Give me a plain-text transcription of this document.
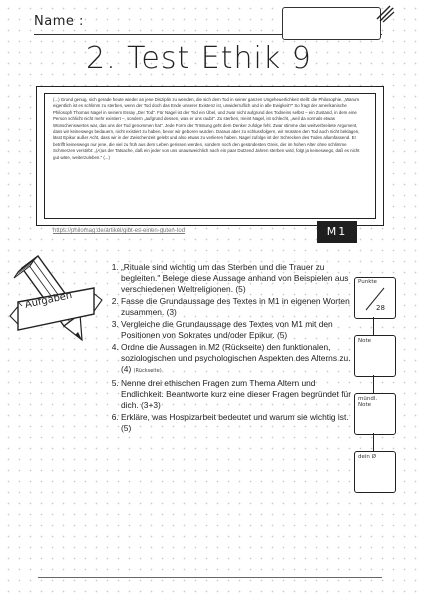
Name :
2. Test Ethik 9
(...) Grund genug, sich gerade heute wieder an jene Disziplin zu wenden, die sich dem Tod in seiner ganzen Ungeheuerlichkeit stellt: die Philosophie. „Warum eigentlich ist es schlimm zu sterben, wenn der Tod doch das Ende unserer Existenz ist, unwiderruflich und in alle Ewigkeit?" So fragt der amerikanische Philosoph Thomas Nagel in seinem Essay „Der Tod". Für Nagel ist der Tod ein Übel, und zwar nicht aufgrund des Todseins selbst – ein Zustand, in dem eine Person schlicht nicht mehr existiert –, sondern „aufgrund dessen, was er uns raubt". Zu sterben, meint Nagel, ist schlecht, „weil da vormals etwas Wünschenswertes war, das uns der Tod genommen hat". Jede Form der Tröstung geht dem Denker zufolge fehl. Zwar stimme das weitverbreitete Argument, dass wir keineswegs bedauern, nicht existiert zu haben, bevor wir geboren wurden. Daraus aber zu schlussfolgern, wir müssten den Tod auch nicht beklagen, lässt Epikur außer Acht, dass wir in der Zwischenzeit gelebt und also etwas zu verlieren haben. Nagel zufolge ist der Schrecken des Todes allumfassend. Er betrifft keineswegs nur jene, die viel zu früh aus dem Leben gerissen werden, sondern noch den gesündesten Greis, der im hohen Alter ohne schlimme Schmerzen verstirbt: „(A)us der Tatsache, daß ein jeder von uns unausweichlich nach ein paar Dutzend Jahren sterben wird, folgt ja keineswegs, daß es nicht gut wäre, weiterzuleben." (...)
https://philomag.de/artikel/gibt-es-einen-guten-tod	M1
Aufgaben
1. „Rituale sind wichtig um das Sterben und die Trauer zu begleiten." Belege diese Aussage anhand von Beispielen aus verschiedenen Weltreligionen. (5)
2. Fasse die Grundaussage des Textes in M1 in eigenen Worten zusammen. (3)
3. Vergleiche die Grundaussage des Textes von M1 mit den Positionen von Sokrates und/oder Epikur. (5)
4. Ordne die Aussagen in M2 (Rückseite) den funktionalen, soziologischen und psychologischen Aspekten des Alterns zu. (4) (Rückseite)
5. Nenne drei ethischen Fragen zum Thema Altern und Endlichkeit. Beantworte kurz eine dieser Fragen begründet für dich. (3+3)
6. Erkläre, was Hospizarbeit bedeutet und warum sie wichtig ist. (5)
Punkte
28
Note
mündl. Note
dein Ø
